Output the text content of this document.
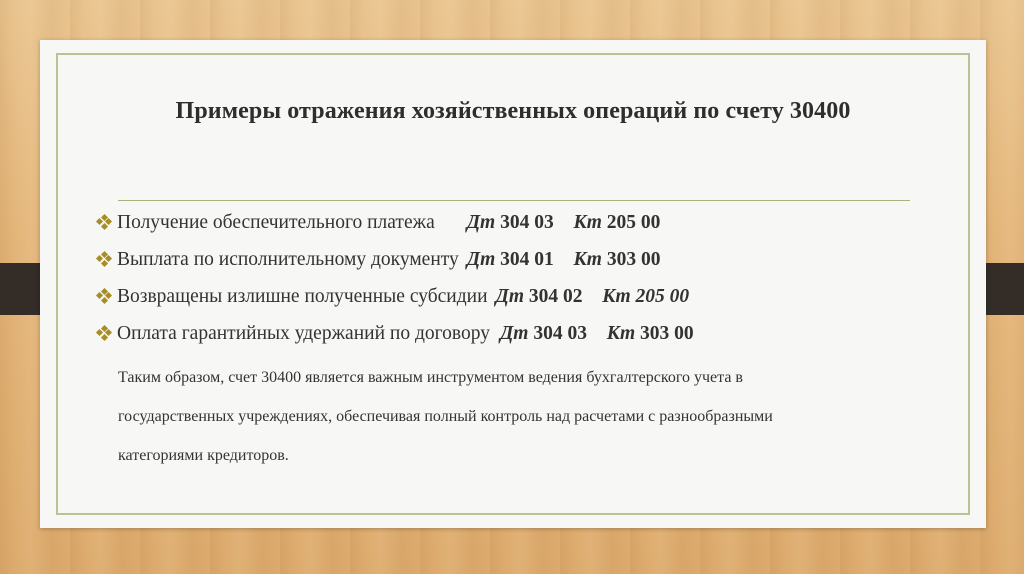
Примеры отражения хозяйственных операций по счету 30400
Получение обеспечительного платежа Дт 304 03 Кт 205 00
Выплата по исполнительному документу Дт 304 01 Кт 303 00
Возвращены излишне полученные субсидии Дт 304 02 Кт 205 00
Оплата гарантийных удержаний по договору Дт 304 03 Кт 303 00

Таким образом, счет 30400 является важным инструментом ведения бухгалтерского учета в
государственных учреждениях, обеспечивая полный контроль над расчетами с разнообразными
категориями кредиторов.
